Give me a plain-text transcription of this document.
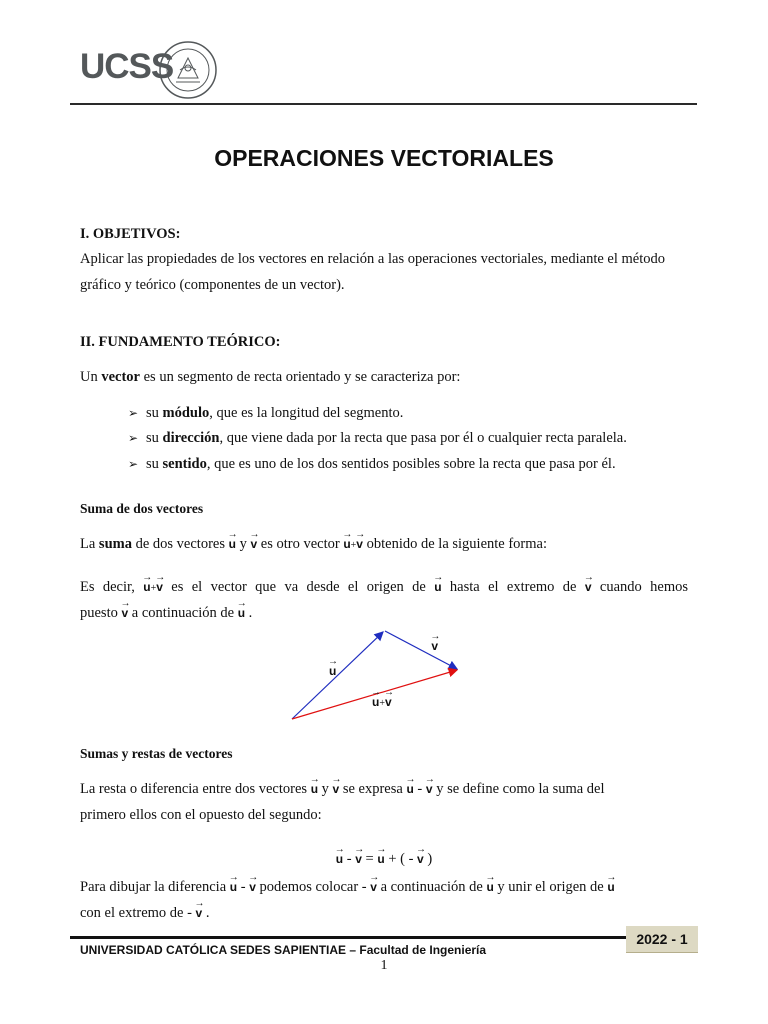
UCSS
OPERACIONES VECTORIALES
I. OBJETIVOS:
Aplicar las propiedades de los vectores en relación a las operaciones vectoriales, mediante el método
gráfico y teórico (componentes de un vector).
II. FUNDAMENTO TEÓRICO:
Un vector es un segmento de recta orientado y se caracteriza por:
➢ su módulo, que es la longitud del segmento.
➢ su dirección, que viene dada por la recta que pasa por él o cualquier recta paralela.
➢ su sentido, que es uno de los dos sentidos posibles sobre la recta que pasa por él.
Suma de dos vectores
La suma de dos vectores → u y → v es otro vector → u+→ v obtenido de la siguiente forma:
Es decir, → u+→ v es el vector que va desde el origen de → u hasta el extremo de → v cuando hemos
puesto → v a continuación de → u .
→ u → v
→ u+→ v
Sumas y restas de vectores
La resta o diferencia entre dos vectores → u y → v se expresa → u - → v y se define como la suma del
primero ellos con el opuesto del segundo:
→ u - → v = → u + ( - → v )
Para dibujar la diferencia → u - → v podemos colocar - → v a continuación de → u y unir el origen de → u
con el extremo de - → v .
2022 - 1
UNIVERSIDAD CATÓLICA SEDES SAPIENTIAE – Facultad de Ingeniería
1
